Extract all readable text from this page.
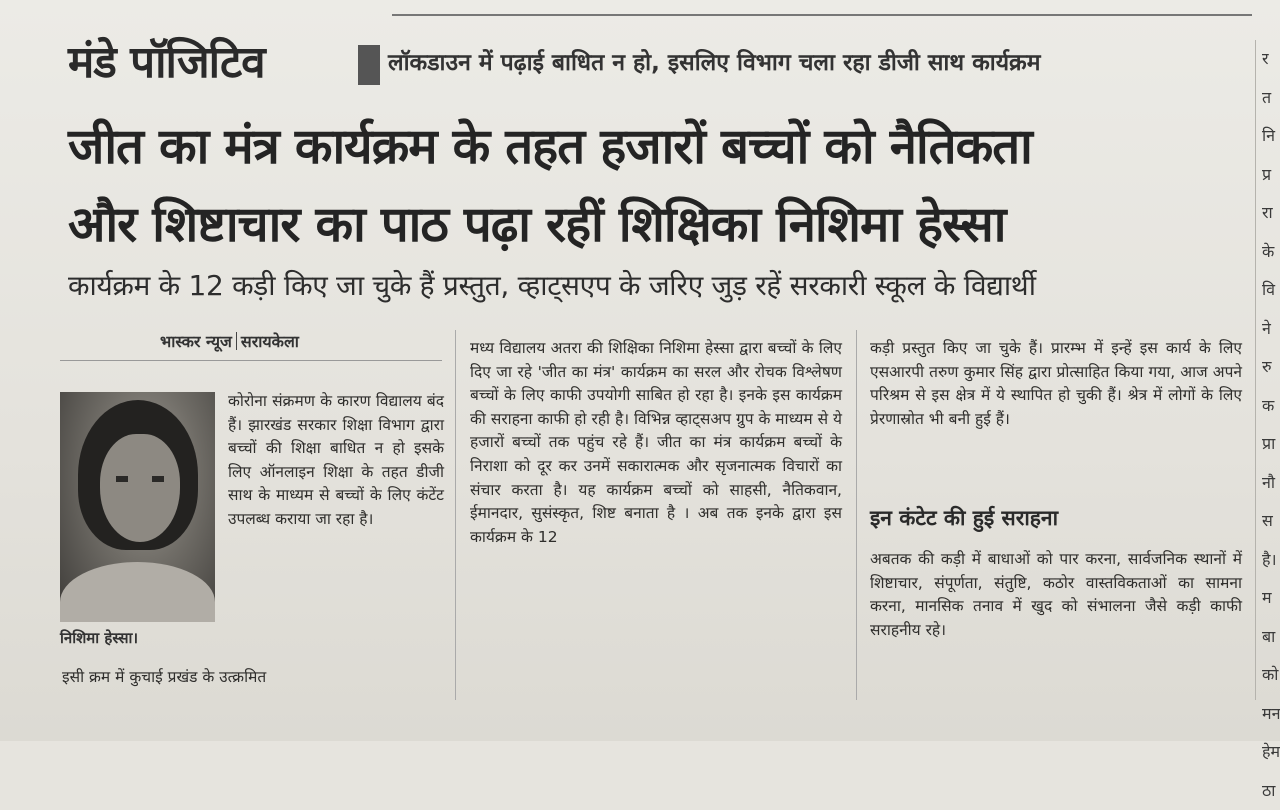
मंडे पॉजिटिव	लॉकडाउन में पढ़ाई बाधित न हो, इसलिए विभाग चला रहा डीजी साथ कार्यक्रम
जीत का मंत्र कार्यक्रम के तहत हजारों बच्चों को नैतिकता
और शिष्टाचार का पाठ पढ़ा रहीं शिक्षिका निशिमा हेस्सा
कार्यक्रम के 12 कड़ी किए जा चुके हैं प्रस्तुत, व्हाट्सएप के जरिए जुड़ रहें सरकारी स्कूल के विद्यार्थी
भास्कर न्यूज सरायकेला
निशिमा हेस्सा।

कोरोना संक्रमण के कारण विद्यालय बंद हैं। झारखंड सरकार शिक्षा विभाग द्वारा बच्चों की शिक्षा बाधित न हो इसके लिए ऑनलाइन शिक्षा के तहत डीजी साथ के माध्यम से बच्चों के लिए कंटेंट उपलब्ध कराया जा रहा है।

इसी क्रम में कुचाई प्रखंड के उत्क्रमित

मध्य विद्यालय अतरा की शिक्षिका निशिमा हेस्सा द्वारा बच्चों के लिए दिए जा रहे 'जीत का मंत्र' कार्यक्रम का सरल और रोचक विश्लेषण बच्चों के लिए काफी उपयोगी साबित हो रहा है। इनके इस कार्यक्रम की सराहना काफी हो रही है। विभिन्न व्हाट्सअप ग्रुप के माध्यम से ये हजारों बच्चों तक पहुंच रहे हैं। जीत का मंत्र कार्यक्रम बच्चों के निराशा को दूर कर उनमें सकारात्मक और सृजनात्मक विचारों का संचार करता है। यह कार्यक्रम बच्चों को साहसी, नैतिकवान, ईमानदार, सुसंस्कृत, शिष्ट बनाता है । अब तक इनके द्वारा इस कार्यक्रम के 12

कड़ी प्रस्तुत किए जा चुके हैं। प्रारम्भ में इन्हें इस कार्य के लिए एसआरपी तरुण कुमार सिंह द्वारा प्रोत्साहित किया गया, आज अपने परिश्रम से इस क्षेत्र में ये स्थापित हो चुकी हैं। श्रेत्र में लोगों के लिए प्रेरणास्रोत भी बनी हुई हैं।

इन कंटेट की हुई सराहना

अबतक की कड़ी में बाधाओं को पार करना, सार्वजनिक स्थानों में शिष्टाचार, संपूर्णता, संतुष्टि, कठोर वास्तविकताओं का सामना करना, मानसिक तनाव में खुद को संभालना जैसे कड़ी काफी सराहनीय रहे।

र
त
नि
प्र
रा
के
वि
ने
रु
क
प्रा
नौ
स
है।
म
बा
को
मन
हेम
ठा
